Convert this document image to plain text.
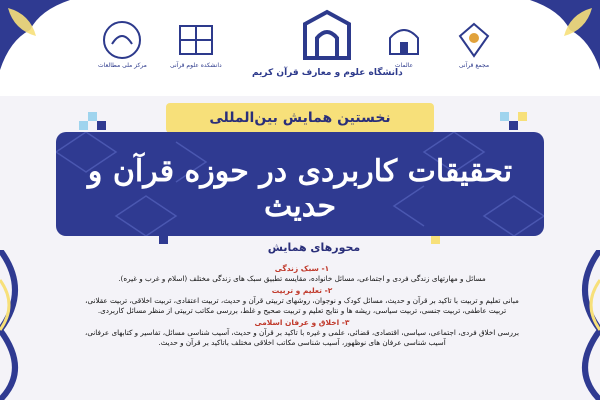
مرکز ملی مطالعات	دانشکده علوم قرآنی
دانشگاه علوم و معارف قرآن کریم
عالمات	مجمع قرآنی
نخستین همایش بین‌المللی
تحقیقات کاربردی در حوزه قرآن و حدیث
محورهای همایش
۱- سبک زندگی
مسائل و مهارتهای زندگی فردی و اجتماعی، مسائل خانواده، مقایسه تطبیق سبک های زندگی مختلف (اسلام و غرب و غیره).
۲- تعلیم و تربیت
مبانی تعلیم و تربیت با تاکید بر قرآن و حدیث، مسائل کودک و نوجوان، روشهای تربیتی قرآن و حدیث، تربیت اعتقادی، تربیت اخلاقی، تربیت عقلانی، تربیت عاطفی، تربیت جنسی، تربیت سیاسی، ریشه ها و نتایج تعلیم و تربیت صحیح و غلط، بررسی مکاتب تربیتی از منظر مسائل کاربردی.
۳- اخلاق و عرفان اسلامی
بررسی اخلاق فردی، اجتماعی، سیاسی، اقتصادی، قضائی، علمی و غیره با تاکید بر قرآن و حدیث، آسیب شناسی مسائل، تفاسیر و کتابهای عرفانی، آسیب شناسی عرفان های نوظهور، آسیب شناسی مکاتب اخلاقی مختلف باتاکید بر قرآن و حدیث.
